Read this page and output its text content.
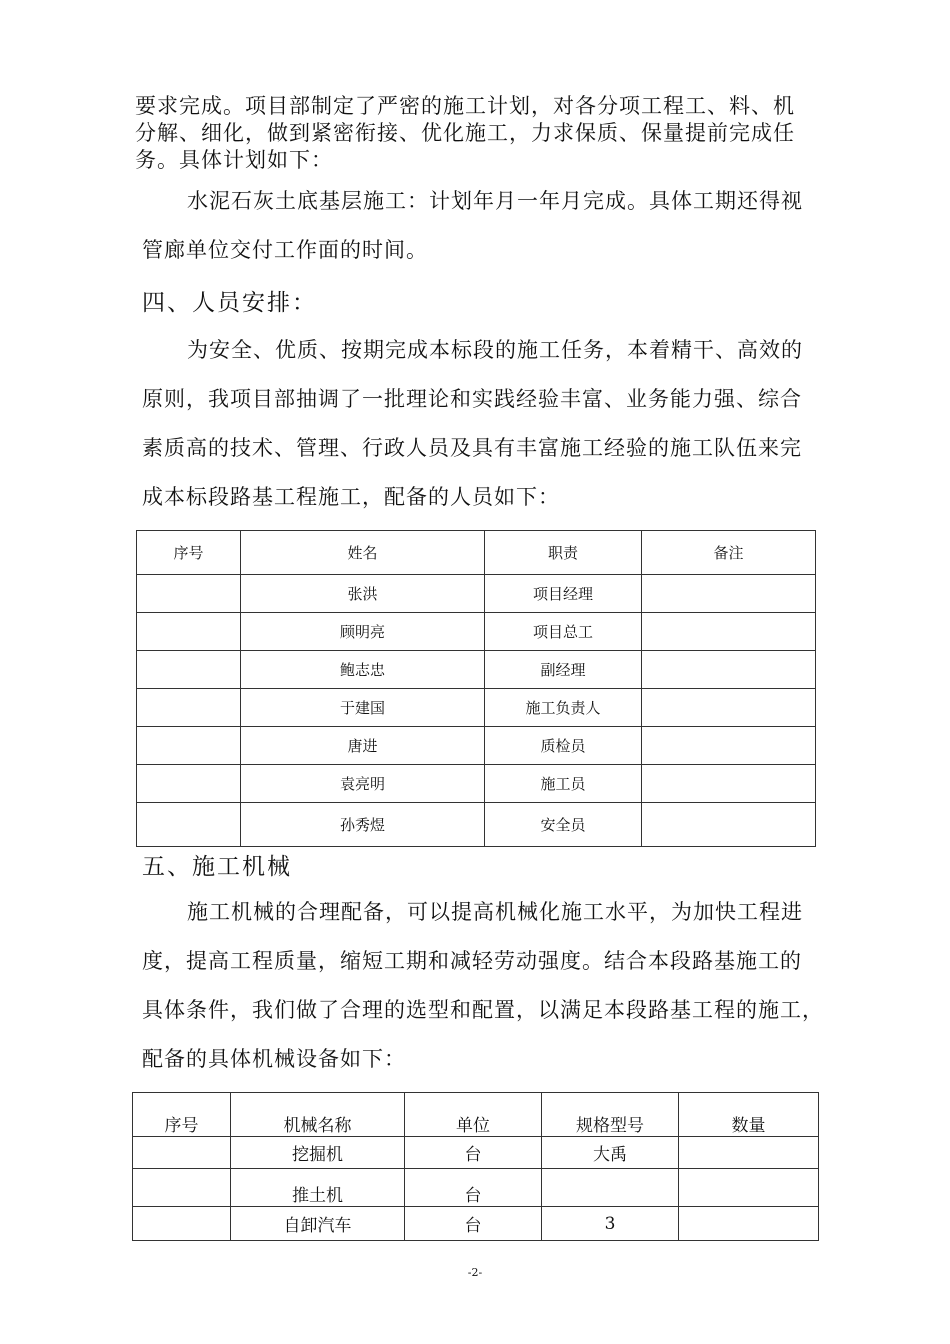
要求完成。项目部制定了严密的施工计划，对各分项工程工、料、机
分解、细化，做到紧密衔接、优化施工，力求保质、保量提前完成任
务。具体计划如下：
水泥石灰土底基层施工：计划年月一年月完成。具体工期还得视
管廊单位交付工作面的时间。
四、人员安排：
为安全、优质、按期完成本标段的施工任务，本着精干、高效的
原则，我项目部抽调了一批理论和实践经验丰富、业务能力强、综合
素质高的技术、管理、行政人员及具有丰富施工经验的施工队伍来完
成本标段路基工程施工，配备的人员如下：
序号	姓名	职责	备注
	张洪	项目经理	
	顾明亮	项目总工	
	鲍志忠	副经理	
	于建国	施工负责人	
	唐进	质检员	
	袁亮明	施工员	
	孙秀煜	安全员	
五、施工机械
施工机械的合理配备，可以提高机械化施工水平，为加快工程进
度，提高工程质量，缩短工期和减轻劳动强度。结合本段路基施工的
具体条件，我们做了合理的选型和配置，以满足本段路基工程的施工，
配备的具体机械设备如下：
序号	机械名称	单位	规格型号	数量
	挖掘机	台	大禹	
	推土机	台		
	自卸汽车	台	3	
-2-
